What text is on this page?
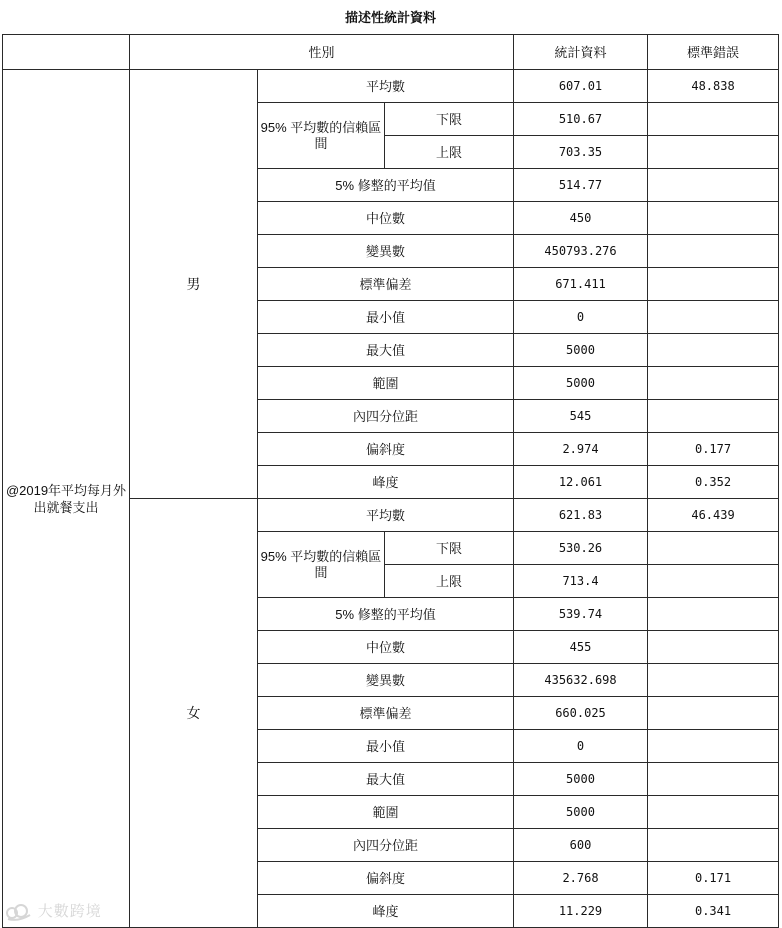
描述性統計資料					
	性別			統計資料	標準錯誤
@2019年平均每月外出就餐支出	男	平均數		607.01	48.838
		95% 平均數的信賴區間	下限	510.67	
			上限	703.35	
		5% 修整的平均值		514.77	
		中位數		450	
		變異數		450793.276	
		標準偏差		671.411	
		最小值		0	
		最大值		5000	
		範圍		5000	
		內四分位距		545	
		偏斜度		2.974	0.177
		峰度		12.061	0.352
	女	平均數		621.83	46.439
		95% 平均數的信賴區間	下限	530.26	
			上限	713.4	
		5% 修整的平均值		539.74	
		中位數		455	
		變異數		435632.698	
		標準偏差		660.025	
		最小值		0	
		最大值		5000	
		範圍		5000	
		內四分位距		600	
		偏斜度		2.768	0.171
		峰度		11.229	0.341
大數跨境
